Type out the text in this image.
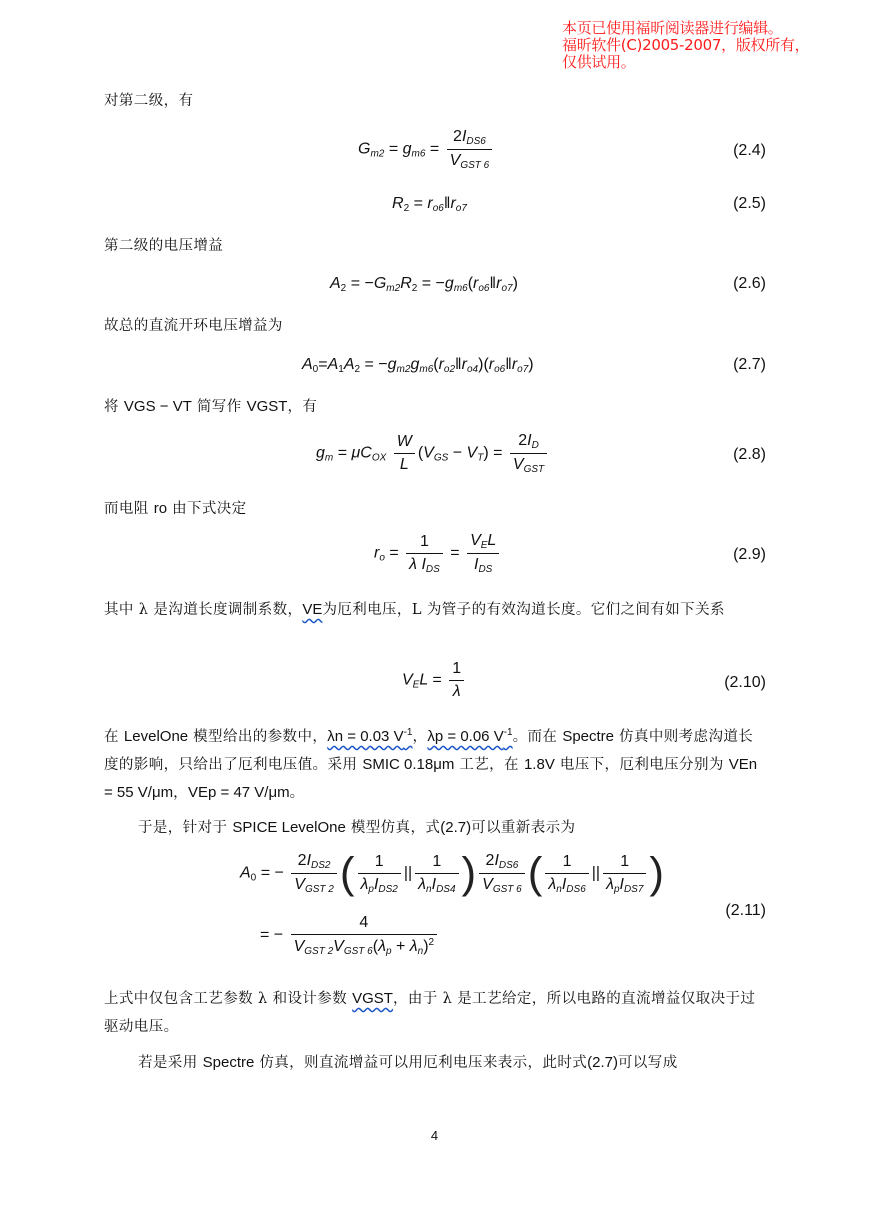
本页已使用福昕阅读器进行编辑。
福昕软件(C)2005-2007，版权所有，
仅供试用。
对第二级，有
$G_{m2} = g_{m6} = \frac{2I_{DS6}}{V_{GST 6}}$	(2.4)
$R_2$ = $r_{o6}‖r_{o7}$	(2.5)
第二级的电压增益
$A_2 = -G_{m2}R_2$ = $-g_{m6}(r_{o6}‖r_{o7})$	(2.6)
故总的直流开环电压增益为
$A_0=A_1A_2$ = $-g_{m2}g_{m6}(r_{o2}‖r_{o4})(r_{o6}‖r_{o7})$	(2.7)
将 VGS − VT 简写作 VGST，有
$g_m = \mu C_{OX} \frac{W}{L} (V_{GS} - V_T) = \frac{2I_D}{V_{GST}}$	(2.8)
而电阻 ro 由下式决定
$r_o = \frac{1}{\lambda I_{DS}} = \frac{V_EL}{I_{DS}}$	(2.9)
其中 λ 是沟道长度调制系数，VE为厄利电压，L 为管子的有效沟道长度。它们之间有如下关系
$V_EL = \frac{1}{\lambda}$	(2.10)
在 LevelOne 模型给出的参数中，λn = 0.03 $V^{-1}$，λp = 0.06 $V^{-1}$。而在 Spectre 仿真中则考虑沟道长度的影响，只给出了厄利电压值。采用 SMIC 0.18μm 工艺，在 1.8V 电压下，厄利电压分别为 VEn = 55 V/μm，VEp = 47 V/μm。
于是，针对于 SPICE LevelOne 模型仿真，式(2.7)可以重新表示为
$A_0$ = − $\frac{2I_{DS2}}{V_{GST 2}}$ ( $\frac{1}{\lambda_pI_{DS2}}$ || $\frac{1}{\lambda_nI_{DS4}}$ ) $\frac{2I_{DS6}}{V_{GST 6}}$ ( $\frac{1}{\lambda_nI_{DS6}}$ || $\frac{1}{\lambda_pI_{DS7}}$ )
= − $\frac{4}{V_{GST 2}V_{GST 6}(\lambda_p + \lambda_n)^2}$
(2.11)
上式中仅包含工艺参数 λ 和设计参数 VGST，由于 λ 是工艺给定，所以电路的直流增益仅取决于过驱动电压。
若是采用 Spectre 仿真，则直流增益可以用厄利电压来表示，此时式(2.7)可以写成
4
